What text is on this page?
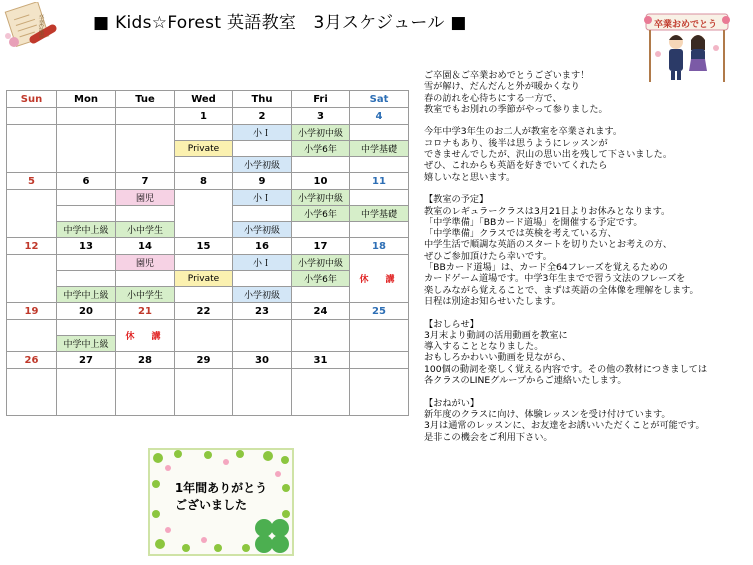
卒業証書	■ Kids☆Forest 英語教室　3月スケジュール ■	卒業おめでとう
Sun	Mon	Tue	Wed	Thu	Fri	Sat
			1	2	3	4
				小Ｉ	小学初中級	
			Private		小学6年	中学基礎
				小学初級		
5	6	7	8	9	10	11
		園児		小Ｉ	小学初中級	
					小学6年	中学基礎
	中学中上級	小中学生		小学初級		
12	13	14	15	16	17	18
		園児		小Ｉ	小学初中級	休　講
			Private		小学6年	
	中学中上級	小中学生		小学初級		
19	20	21	22	23	24	25
		休　講				

	中学中上級					
26	27	28	29	30	31	

1年間ありがとう
ございました

ご卒園＆ご卒業おめでとうございます！

雪が解け、だんだんと外が暖かくなり

春の訪れを心待ちにする一方で、

教室でもお別れの季節がやって参りました。

今年中学3年生のお二人が教室を卒業されます。

コロナもあり、後半は思うようにレッスンが

できませんでしたが、沢山の思い出を残して下さいました。

ぜひ、これからも英語を好きでいてくれたら

嬉しいなと思います。

【教室の予定】

教室のレギュラークラスは3月21日よりお休みとなります。

「中学準備」「BBカード道場」を開催する予定です。

「中学準備」クラスでは英検を考えている方、

中学生活で順調な英語のスタートを切りたいとお考えの方、

ぜひご参加頂けたら幸いです。

「BBカード道場」は、カード全64フレーズを覚えるための

カードゲーム道場です。中学3年生までで習う文法のフレーズを

楽しみながら覚えることで、まずは英語の全体像を理解をします。

日程は別途お知らせいたします。

【おしらせ】

3月末より動詞の活用動画を教室に

導入することとなりました。

おもしろかわいい動画を見ながら、

100個の動詞を楽しく覚える内容です。その他の教材につきましては

各クラスのLINEグループからご連絡いたします。

【おねがい】

新年度のクラスに向け、体験レッスンを受け付けています。

3月は通常のレッスンに、お友達をお誘いいただくことが可能です。

是非この機会をご利用下さい。
